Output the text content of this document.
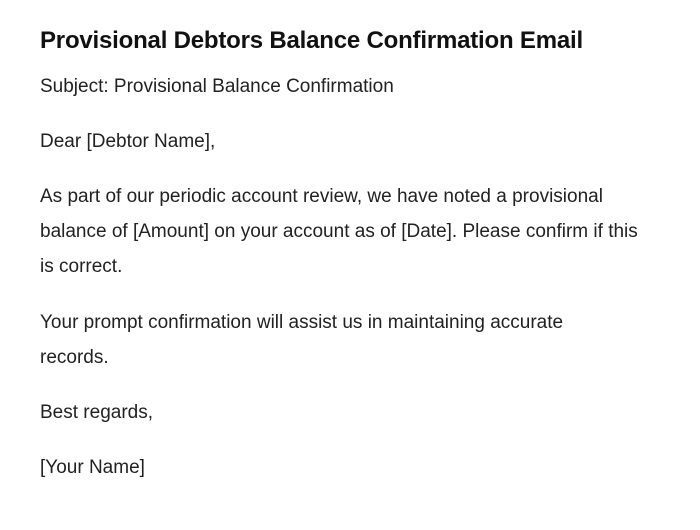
Provisional Debtors Balance Confirmation Email

Subject: Provisional Balance Confirmation

Dear [Debtor Name],

As part of our periodic account review, we have noted a provisional balance of [Amount] on your account as of [Date]. Please confirm if this is correct.

Your prompt confirmation will assist us in maintaining accurate records.

Best regards,

[Your Name]
